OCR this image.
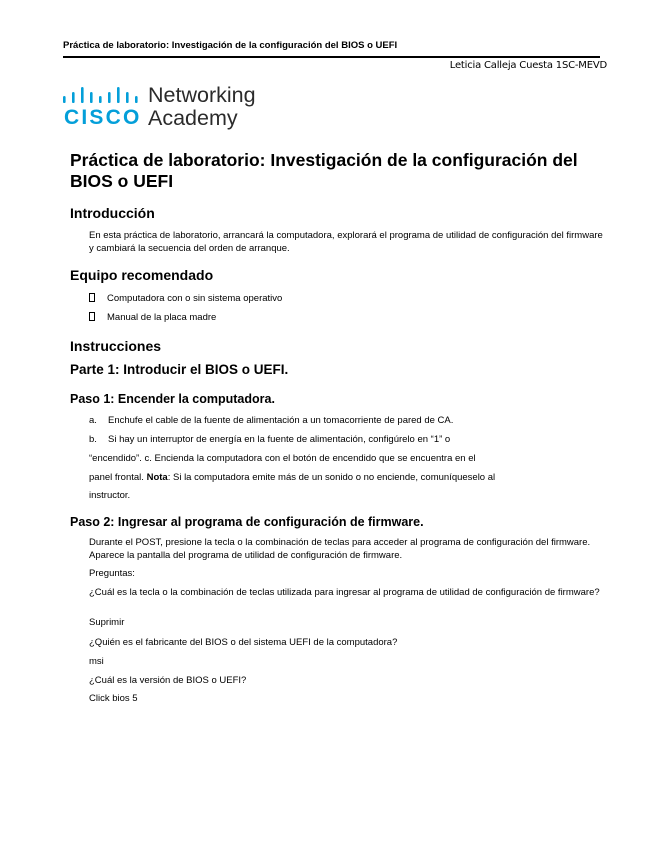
Práctica de laboratorio: Investigación de la configuración del BIOS o UEFI
Leticia Calleja Cuesta 1SC-MEVD
CISCO
Networking
Academy
Práctica de laboratorio: Investigación de la configuración del BIOS o UEFI
Introducción
En esta práctica de laboratorio, arrancará la computadora, explorará el programa de utilidad de configuración del firmware y cambiará la secuencia del orden de arranque.
Equipo recomendado
Computadora con o sin sistema operativo
Manual de la placa madre
Instrucciones
Parte 1: Introducir el BIOS o UEFI.
Paso 1: Encender la computadora.
a. Enchufe el cable de la fuente de alimentación a un tomacorriente de pared de CA.
b. Si hay un interruptor de energía en la fuente de alimentación, configúrelo en “1” o
“encendido”. c. Encienda la computadora con el botón de encendido que se encuentra en el
panel frontal. Nota: Si la computadora emite más de un sonido o no enciende, comuníqueselo al
instructor.
Paso 2: Ingresar al programa de configuración de firmware.
Durante el POST, presione la tecla o la combinación de teclas para acceder al programa de configuración del firmware. Aparece la pantalla del programa de utilidad de configuración de firmware.
Preguntas:
¿Cuál es la tecla o la combinación de teclas utilizada para ingresar al programa de utilidad de configuración de firmware?
Suprimir
¿Quién es el fabricante del BIOS o del sistema UEFI de la computadora?
msi
¿Cuál es la versión de BIOS o UEFI?
Click bios 5
